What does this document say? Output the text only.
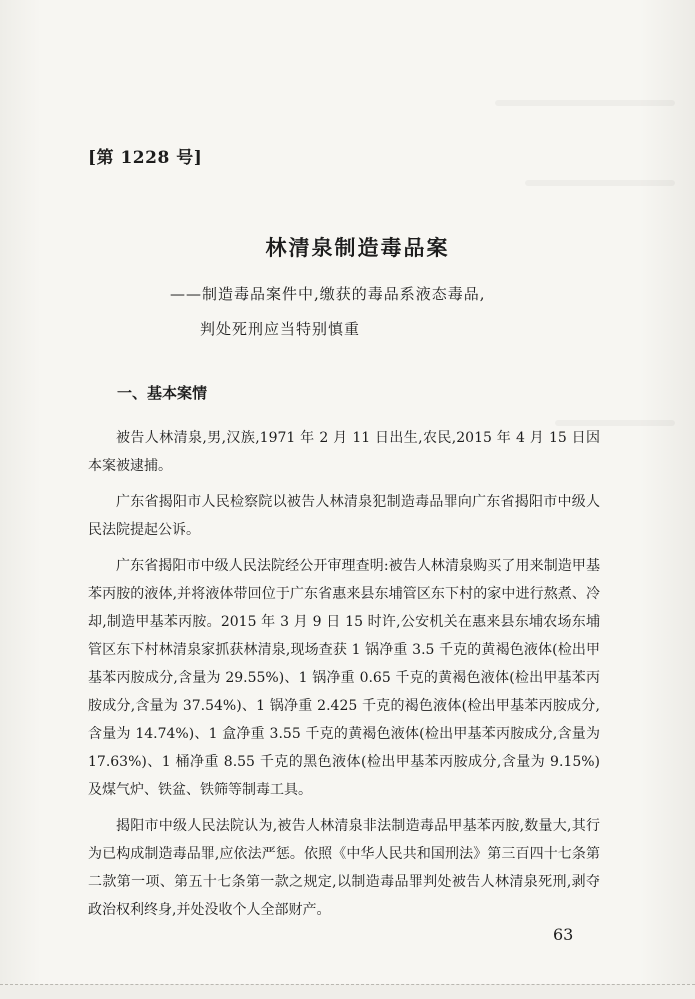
[第 1228 号]
林清泉制造毒品案
——制造毒品案件中,缴获的毒品系液态毒品,
判处死刑应当特别慎重
一、基本案情

被告人林清泉,男,汉族,1971 年 2 月 11 日出生,农民,2015 年 4 月 15 日因本案被逮捕。

广东省揭阳市人民检察院以被告人林清泉犯制造毒品罪向广东省揭阳市中级人民法院提起公诉。

广东省揭阳市中级人民法院经公开审理查明:被告人林清泉购买了用来制造甲基苯丙胺的液体,并将液体带回位于广东省惠来县东埔管区东下村的家中进行熬煮、冷却,制造甲基苯丙胺。2015 年 3 月 9 日 15 时许,公安机关在惠来县东埔农场东埔管区东下村林清泉家抓获林清泉,现场查获 1 锅净重 3.5 千克的黄褐色液体(检出甲基苯丙胺成分,含量为 29.55%)、1 锅净重 0.65 千克的黄褐色液体(检出甲基苯丙胺成分,含量为 37.54%)、1 锅净重 2.425 千克的褐色液体(检出甲基苯丙胺成分,含量为 14.74%)、1 盒净重 3.55 千克的黄褐色液体(检出甲基苯丙胺成分,含量为 17.63%)、1 桶净重 8.55 千克的黑色液体(检出甲基苯丙胺成分,含量为 9.15%)及煤气炉、铁盆、铁筛等制毒工具。

揭阳市中级人民法院认为,被告人林清泉非法制造毒品甲基苯丙胺,数量大,其行为已构成制造毒品罪,应依法严惩。依照《中华人民共和国刑法》第三百四十七条第二款第一项、第五十七条第一款之规定,以制造毒品罪判处被告人林清泉死刑,剥夺政治权利终身,并处没收个人全部财产。

63
